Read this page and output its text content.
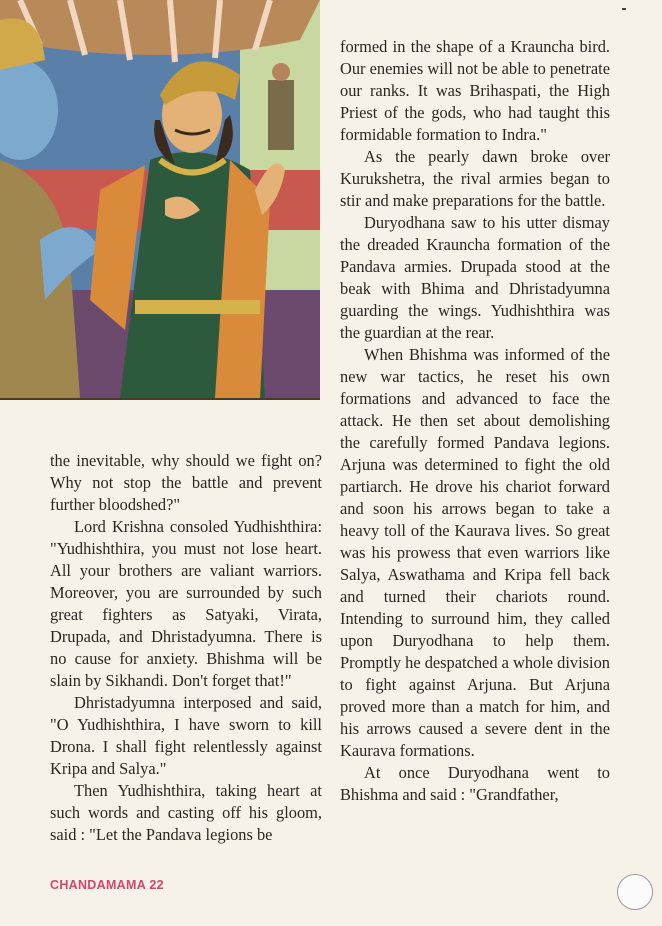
the inevitable, why should we fight on? Why not stop the battle and prevent further bloodshed?"

Lord Krishna consoled Yudhishthira: "Yudhishthira, you must not lose heart. All your brothers are valiant warriors. Moreover, you are surrounded by such great fighters as Satyaki, Virata, Drupada, and Dhristadyumna. There is no cause for anxiety. Bhishma will be slain by Sikhandi. Don't forget that!"

Dhristadyumna interposed and said, "O Yudhishthira, I have sworn to kill Drona. I shall fight relentlessly against Kripa and Salya."

Then Yudhishthira, taking heart at such words and casting off his gloom, said : "Let the Pandava legions be

formed in the shape of a Krauncha bird. Our enemies will not be able to penetrate our ranks. It was Brihaspati, the High Priest of the gods, who had taught this formidable formation to Indra."

As the pearly dawn broke over Kurukshetra, the rival armies began to stir and make preparations for the battle.

Duryodhana saw to his utter dismay the dreaded Krauncha formation of the Pandava armies. Drupada stood at the beak with Bhima and Dhristadyumna guarding the wings. Yudhishthira was the guardian at the rear.

When Bhishma was informed of the new war tactics, he reset his own formations and advanced to face the attack. He then set about demolishing the carefully formed Pandava legions. Arjuna was determined to fight the old partiarch. He drove his chariot forward and soon his arrows began to take a heavy toll of the Kaurava lives. So great was his prowess that even warriors like Salya, Aswathama and Kripa fell back and turned their chariots round. Intending to surround him, they called upon Duryodhana to help them. Promptly he despatched a whole division to fight against Arjuna. But Arjuna proved more than a match for him, and his arrows caused a severe dent in the Kaurava formations.

At once Duryodhana went to Bhishma and said : "Grandfather,

CHANDAMAMA 22
